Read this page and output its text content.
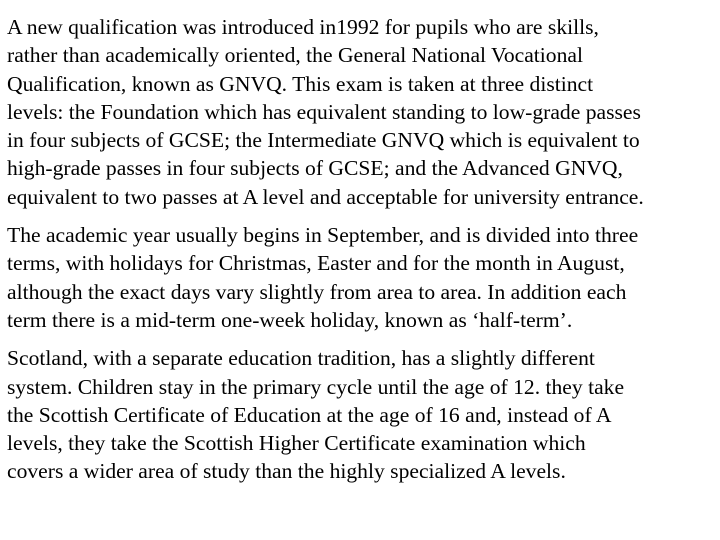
A new qualification was introduced in1992 for pupils who are skills,
rather than academically oriented, the General National Vocational
Qualification, known as GNVQ. This exam is taken at three distinct
levels: the Foundation which has equivalent standing to low-grade passes
in four subjects of GCSE; the Intermediate GNVQ which is equivalent to
high-grade passes in four subjects of GCSE; and the Advanced GNVQ,
equivalent to two passes at A level and acceptable for university entrance.

The academic year usually begins in September, and is divided into three
terms, with holidays for Christmas, Easter and for the month in August,
although the exact days vary slightly from area to area. In addition each
term there is a mid-term one-week holiday, known as ‘half-term’.

Scotland, with a separate education tradition, has a slightly different
system. Children stay in the primary cycle until the age of 12. they take
the Scottish Certificate of Education at the age of 16 and, instead of A
levels, they take the Scottish Higher Certificate examination which
covers a wider area of study than the highly specialized A levels.
